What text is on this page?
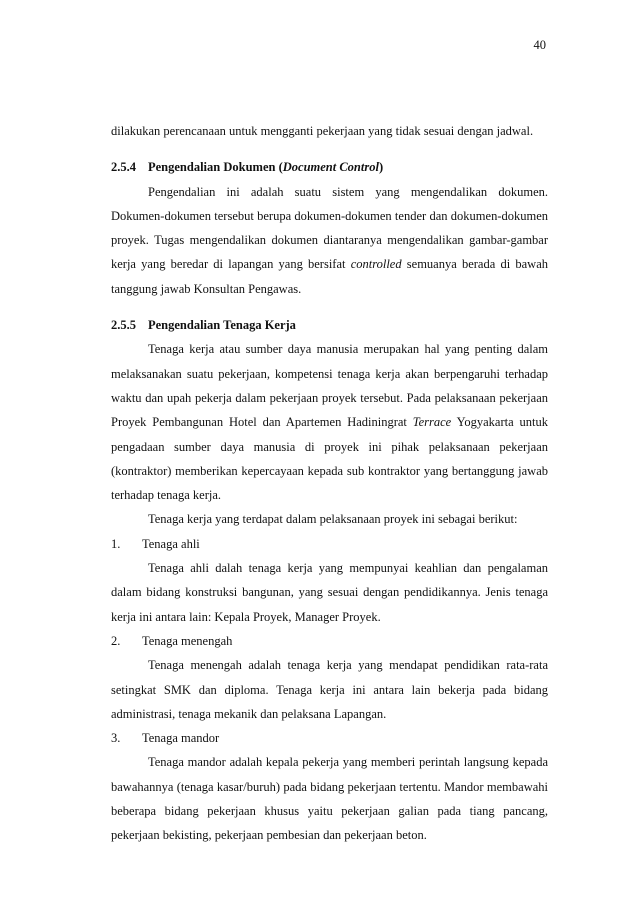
40

dilakukan perencanaan untuk mengganti pekerjaan yang tidak sesuai dengan jadwal.

2.5.4 Pengendalian Dokumen (Document Control)

Pengendalian ini adalah suatu sistem yang mengendalikan dokumen. Dokumen-dokumen tersebut berupa dokumen-dokumen tender dan dokumen-dokumen proyek. Tugas mengendalikan dokumen diantaranya mengendalikan gambar-gambar kerja yang beredar di lapangan yang bersifat controlled semuanya berada di bawah tanggung jawab Konsultan Pengawas.

2.5.5 Pengendalian Tenaga Kerja

Tenaga kerja atau sumber daya manusia merupakan hal yang penting dalam melaksanakan suatu pekerjaan, kompetensi tenaga kerja akan berpengaruhi terhadap waktu dan upah pekerja dalam pekerjaan proyek tersebut. Pada pelaksanaan pekerjaan Proyek Pembangunan Hotel dan Apartemen Hadiningrat Terrace Yogyakarta untuk pengadaan sumber daya manusia di proyek ini pihak pelaksanaan pekerjaan (kontraktor) memberikan kepercayaan kepada sub kontraktor yang bertanggung jawab terhadap tenaga kerja.

Tenaga kerja yang terdapat dalam pelaksanaan proyek ini sebagai berikut:

1. Tenaga ahli

Tenaga ahli dalah tenaga kerja yang mempunyai keahlian dan pengalaman dalam bidang konstruksi bangunan, yang sesuai dengan pendidikannya. Jenis tenaga kerja ini antara lain: Kepala Proyek, Manager Proyek.

2. Tenaga menengah

Tenaga menengah adalah tenaga kerja yang mendapat pendidikan rata-rata setingkat SMK dan diploma. Tenaga kerja ini antara lain bekerja pada bidang administrasi, tenaga mekanik dan pelaksana Lapangan.

3. Tenaga mandor

Tenaga mandor adalah kepala pekerja yang memberi perintah langsung kepada bawahannya (tenaga kasar/buruh) pada bidang pekerjaan tertentu. Mandor membawahi beberapa bidang pekerjaan khusus yaitu pekerjaan galian pada tiang pancang, pekerjaan bekisting, pekerjaan pembesian dan pekerjaan beton.
